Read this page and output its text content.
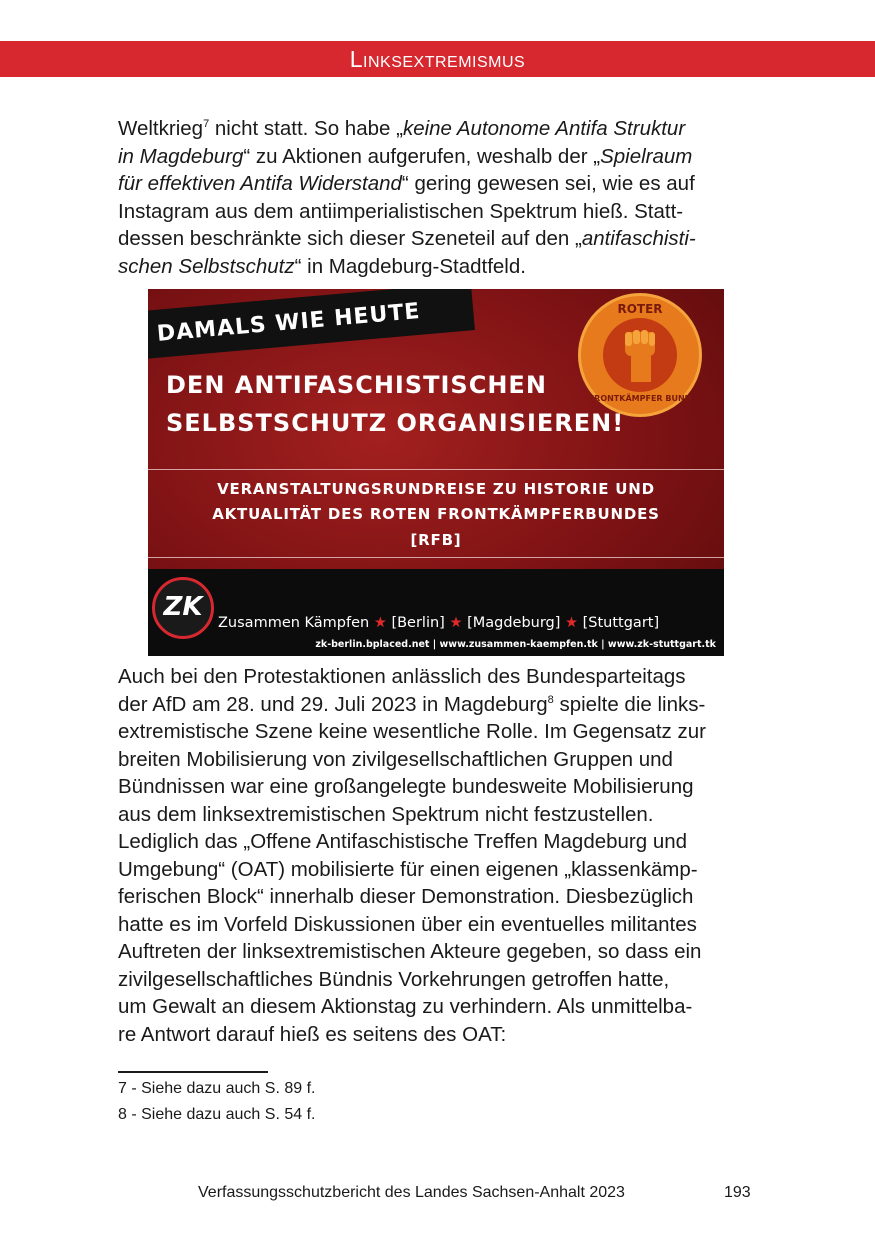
Linksextremismus

Weltkrieg$^7$ nicht statt. So habe „keine Autonome Antifa Struktur
in Magdeburg“ zu Aktionen aufgerufen, weshalb der „Spielraum
für effektiven Antifa Widerstand“ gering gewesen sei, wie es auf
Instagram aus dem antiimperialistischen Spektrum hieß. Statt-
dessen beschränkte sich dieser Szeneteil auf den „antifaschisti-
schen Selbstschutz“ in Magdeburg-Stadtfeld.

DAMALS WIE HEUTE	ROTER
FRONTKÄMPFER BUND
DEN ANTIFASCHISTISCHEN
SELBSTSCHUTZ ORGANISIEREN!
VERANSTALTUNGSRUNDREISE ZU HISTORIE UND
AKTUALITÄT DES ROTEN FRONTKÄMPFERBUNDES
[RFB]
ZK
Zusammen Kämpfen ★ [Berlin] ★ [Magdeburg] ★ [Stuttgart]
zk-berlin.bplaced.net | www.zusammen-kaempfen.tk | www.zk-stuttgart.tk

Auch bei den Protestaktionen anlässlich des Bundesparteitags
der AfD am 28. und 29. Juli 2023 in Magdeburg$^8$ spielte die links-
extremistische Szene keine wesentliche Rolle. Im Gegensatz zur
breiten Mobilisierung von zivilgesellschaftlichen Gruppen und
Bündnissen war eine großangelegte bundesweite Mobilisierung
aus dem linksextremistischen Spektrum nicht festzustellen.
Lediglich das „Offene Antifaschistische Treffen Magdeburg und
Umgebung“ (OAT) mobilisierte für einen eigenen „klassenkämp-
ferischen Block“ innerhalb dieser Demonstration. Diesbezüglich
hatte es im Vorfeld Diskussionen über ein eventuelles militantes
Auftreten der linksextremistischen Akteure gegeben, so dass ein
zivilgesellschaftliches Bündnis Vorkehrungen getroffen hatte,
um Gewalt an diesem Aktionstag zu verhindern. Als unmittelba-
re Antwort darauf hieß es seitens des OAT:

7 - Siehe dazu auch S. 89 f.
8 - Siehe dazu auch S. 54 f.
Verfassungsschutzbericht des Landes Sachsen-Anhalt 2023	193
